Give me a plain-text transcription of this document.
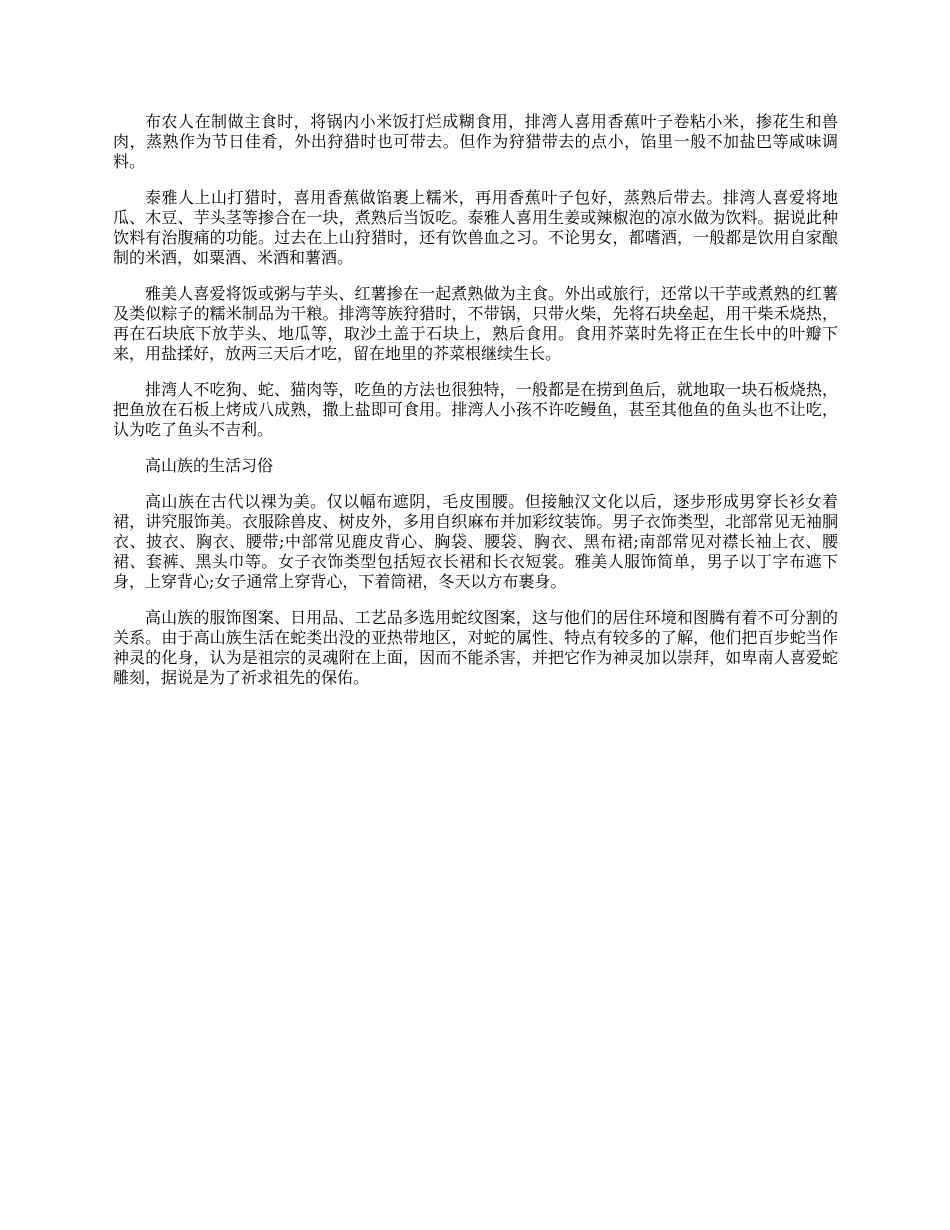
布农人在制做主食时，将锅内小米饭打烂成糊食用，排湾人喜用香蕉叶子卷粘小米，掺花生和兽肉，蒸熟作为节日佳肴，外出狩猎时也可带去。但作为狩猎带去的点小，馅里一般不加盐巴等咸味调料。

泰雅人上山打猎时，喜用香蕉做馅裹上糯米，再用香蕉叶子包好，蒸熟后带去。排湾人喜爱将地瓜、木豆、芋头茎等掺合在一块，煮熟后当饭吃。泰雅人喜用生姜或辣椒泡的凉水做为饮料。据说此种饮料有治腹痛的功能。过去在上山狩猎时，还有饮兽血之习。不论男女，都嗜酒，一般都是饮用自家酿制的米酒，如粟酒、米酒和薯酒。

雅美人喜爱将饭或粥与芋头、红薯掺在一起煮熟做为主食。外出或旅行，还常以干芋或煮熟的红薯及类似粽子的糯米制品为干粮。排湾等族狩猎时，不带锅，只带火柴，先将石块垒起，用干柴禾烧热，再在石块底下放芋头、地瓜等，取沙土盖于石块上，熟后食用。食用芥菜时先将正在生长中的叶瓣下来，用盐揉好，放两三天后才吃，留在地里的芥菜根继续生长。

排湾人不吃狗、蛇、猫肉等，吃鱼的方法也很独特，一般都是在捞到鱼后，就地取一块石板烧热，把鱼放在石板上烤成八成熟，撒上盐即可食用。排湾人小孩不许吃鳗鱼，甚至其他鱼的鱼头也不让吃，认为吃了鱼头不吉利。

高山族的生活习俗

高山族在古代以裸为美。仅以幅布遮阴，毛皮围腰。但接触汉文化以后，逐步形成男穿长衫女着裙，讲究服饰美。衣服除兽皮、树皮外，多用自织麻布并加彩纹装饰。男子衣饰类型，北部常见无袖胴衣、披衣、胸衣、腰带;中部常见鹿皮背心、胸袋、腰袋、胸衣、黑布裙;南部常见对襟长袖上衣、腰裙、套裤、黑头巾等。女子衣饰类型包括短衣长裙和长衣短裳。雅美人服饰简单，男子以丁字布遮下身，上穿背心;女子通常上穿背心，下着筒裙，冬天以方布裹身。

高山族的服饰图案、日用品、工艺品多选用蛇纹图案，这与他们的居住环境和图腾有着不可分割的关系。由于高山族生活在蛇类出没的亚热带地区，对蛇的属性、特点有较多的了解，他们把百步蛇当作神灵的化身，认为是祖宗的灵魂附在上面，因而不能杀害，并把它作为神灵加以崇拜，如卑南人喜爱蛇雕刻，据说是为了祈求祖先的保佑。
